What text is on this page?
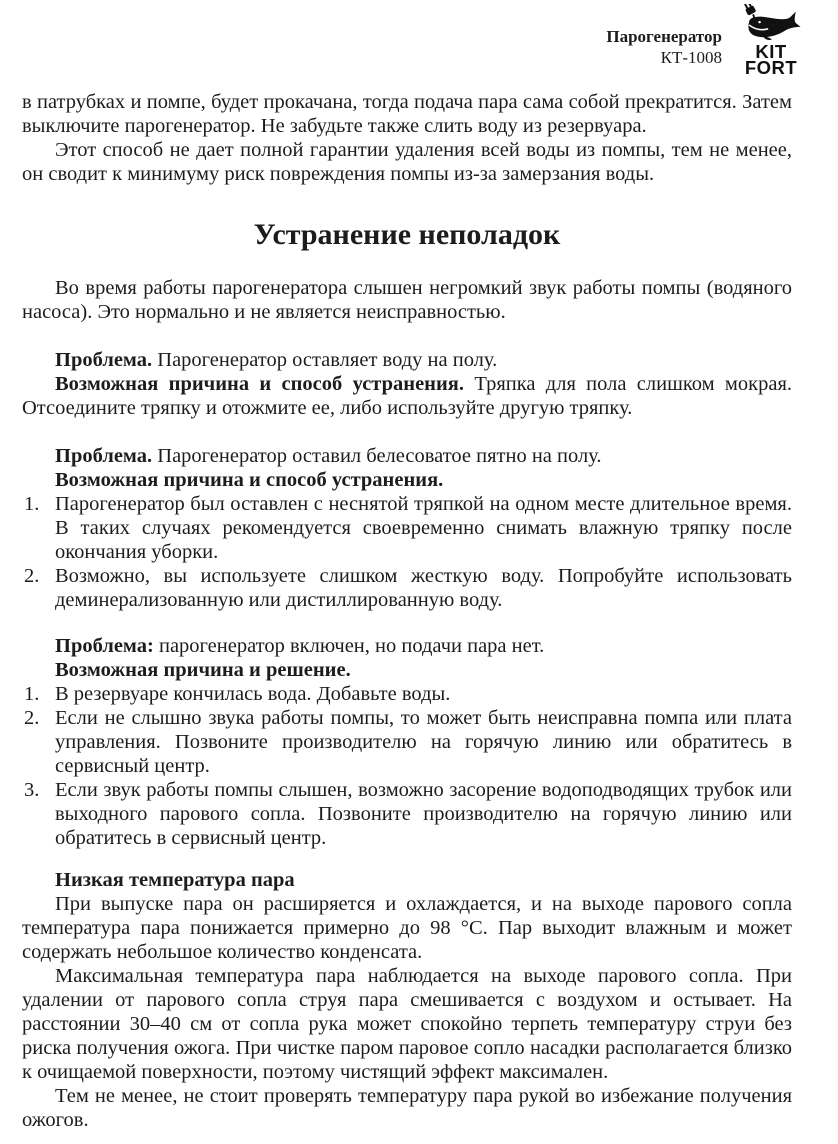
Парогенератор
КТ-1008	KIT
FORT

в патрубках и помпе, будет прокачана, тогда подача пара сама собой прекратится. Затем выключите парогенератор. Не забудьте также слить воду из резервуара.

Этот способ не дает полной гарантии удаления всей воды из помпы, тем не менее, он сводит к минимуму риск повреждения помпы из-за замерзания воды.

Устранение неполадок

Во время работы парогенератора слышен негромкий звук работы помпы (водяного насоса). Это нормально и не является неисправностью.

Проблема. Парогенератор оставляет воду на полу.

Возможная причина и способ устранения. Тряпка для пола слишком мокрая. Отсоедините тряпку и отожмите ее, либо используйте другую тряпку.

Проблема. Парогенератор оставил белесоватое пятно на полу.

Возможная причина и способ устранения.

1. Парогенератор был оставлен с неснятой тряпкой на одном месте длительное время. В таких случаях рекомендуется своевременно снимать влажную тряпку после окончания уборки.
2. Возможно, вы используете слишком жесткую воду. Попробуйте использовать деминерализованную или дистиллированную воду.

Проблема: парогенератор включен, но подачи пара нет.

Возможная причина и решение.

1. В резервуаре кончилась вода. Добавьте воды.
2. Если не слышно звука работы помпы, то может быть неисправна помпа или плата управления. Позвоните производителю на горячую линию или обратитесь в сервисный центр.
3. Если звук работы помпы слышен, возможно засорение водоподводящих трубок или выходного парового сопла. Позвоните производителю на горячую линию или обратитесь в сервисный центр.

Низкая температура пара

При выпуске пара он расширяется и охлаждается, и на выходе парового сопла температура пара понижается примерно до 98 °C. Пар выходит влажным и может содержать небольшое количество конденсата.

Максимальная температура пара наблюдается на выходе парового сопла. При удалении от парового сопла струя пара смешивается с воздухом и остывает. На расстоянии 30–40 см от сопла рука может спокойно терпеть температуру струи без риска получения ожога. При чистке паром паровое сопло насадки располагается близко к очищаемой поверхности, поэтому чистящий эффект максимален.

Тем не менее, не стоит проверять температуру пара рукой во избежание получения ожогов.
